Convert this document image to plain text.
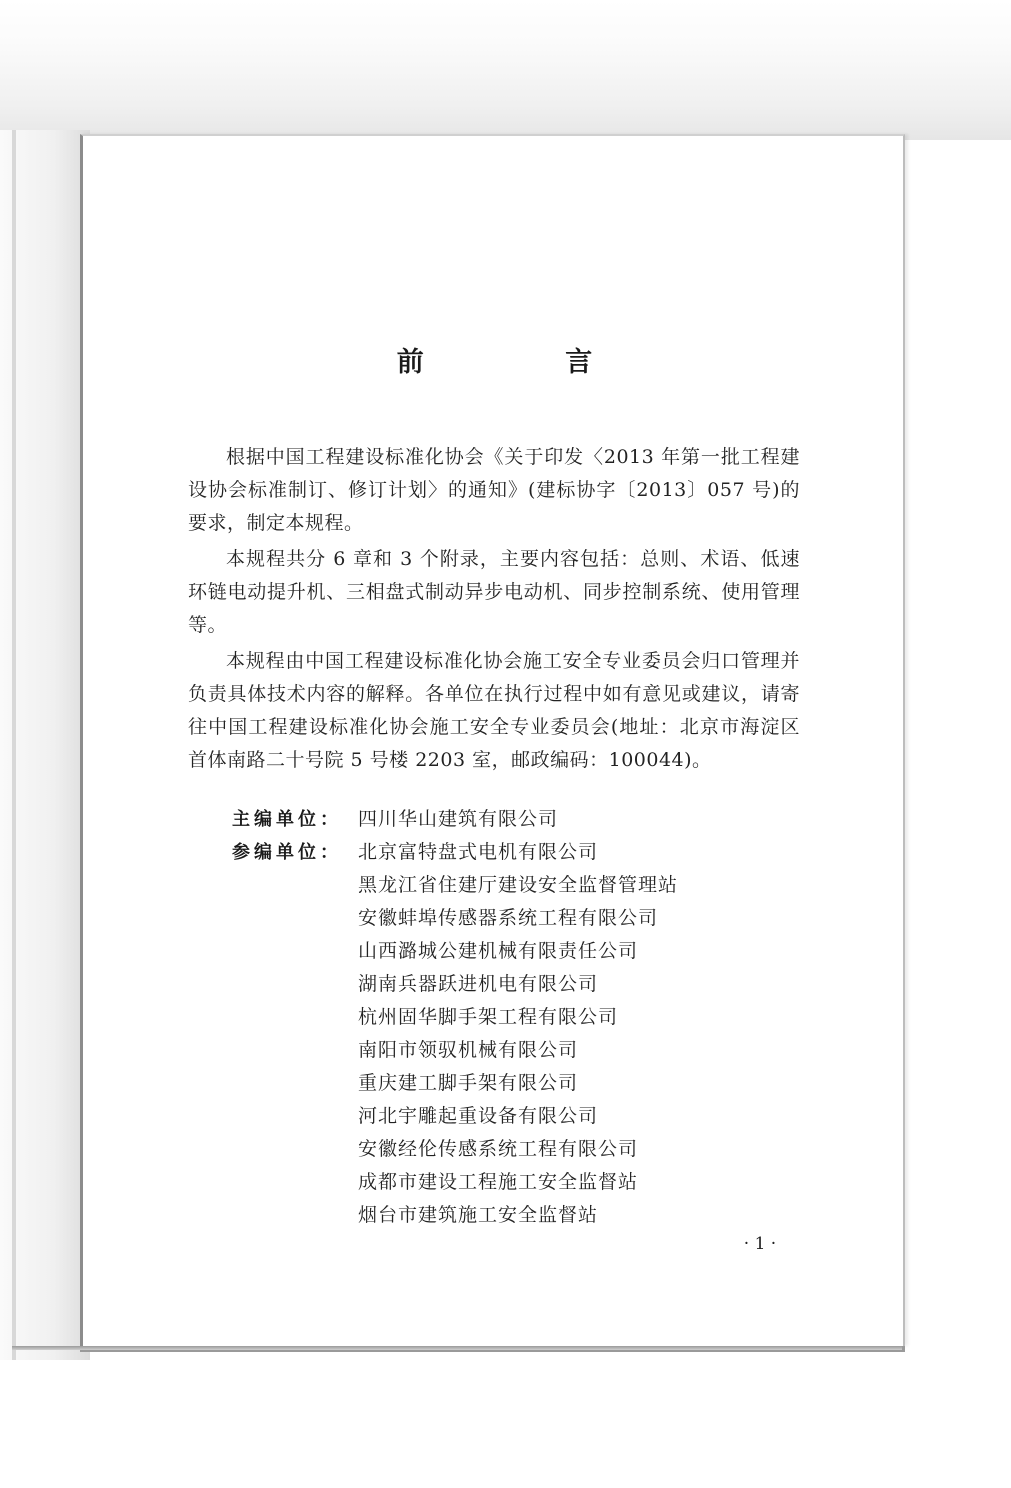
前 言

根据中国工程建设标准化协会《关于印发〈2013 年第一批工程建设协会标准制订、修订计划〉的通知》(建标协字〔2013〕057 号)的要求，制定本规程。

本规程共分 6 章和 3 个附录，主要内容包括：总则、术语、低速环链电动提升机、三相盘式制动异步电动机、同步控制系统、使用管理等。

本规程由中国工程建设标准化协会施工安全专业委员会归口管理并负责具体技术内容的解释。各单位在执行过程中如有意见或建议，请寄往中国工程建设标准化协会施工安全专业委员会(地址：北京市海淀区首体南路二十号院 5 号楼 2203 室，邮政编码：100044)。

主编单位： 四川华山建筑有限公司
参编单位： 北京富特盘式电机有限公司
黑龙江省住建厅建设安全监督管理站
安徽蚌埠传感器系统工程有限公司
山西潞城公建机械有限责任公司
湖南兵器跃进机电有限公司
杭州固华脚手架工程有限公司
南阳市领驭机械有限公司
重庆建工脚手架有限公司
河北宇雕起重设备有限公司
安徽经伦传感系统工程有限公司
成都市建设工程施工安全监督站
烟台市建筑施工安全监督站
· 1 ·
